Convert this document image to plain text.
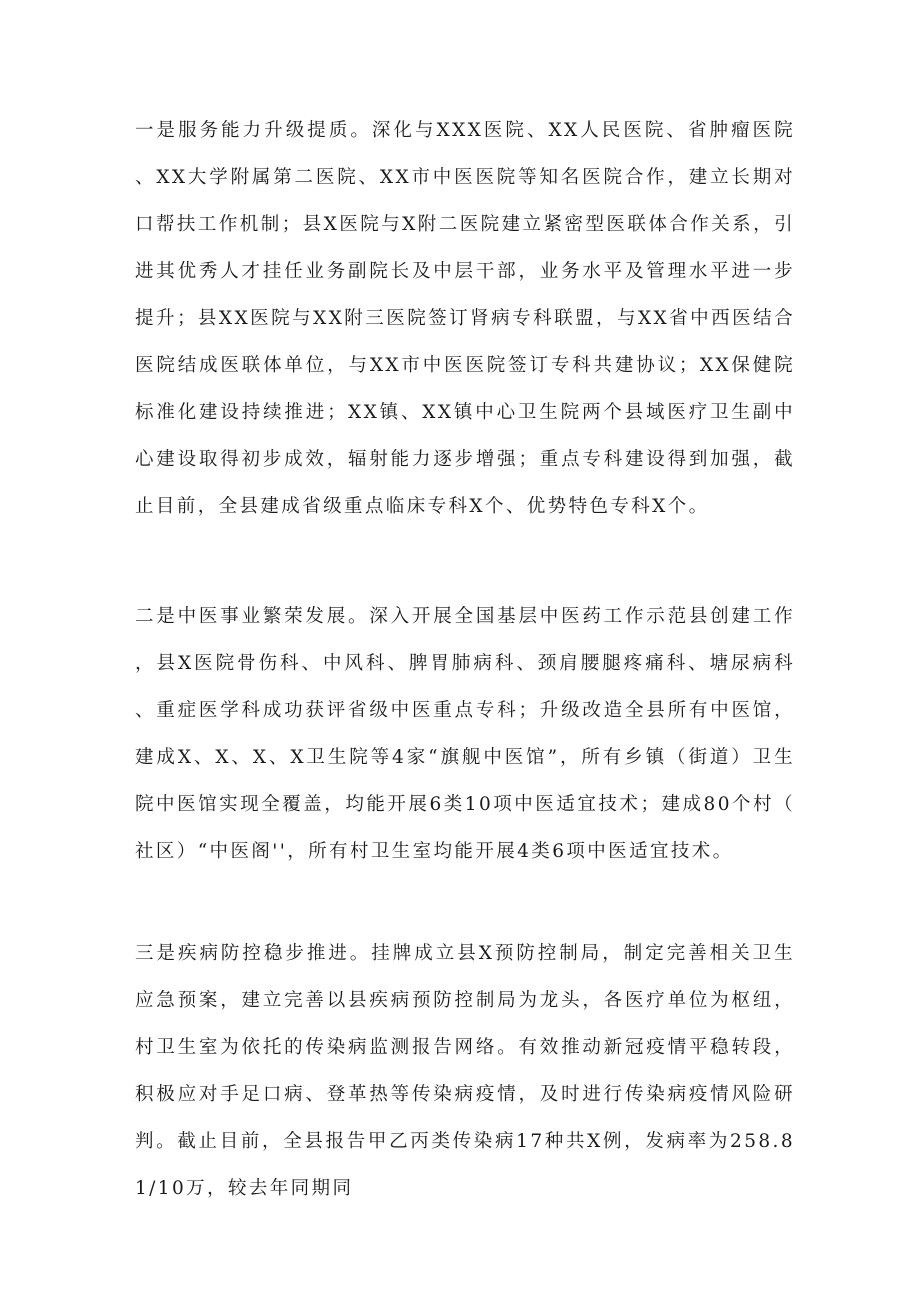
一是服务能力升级提质。深化与XXX医院、XX人民医院、省肿瘤医院、XX大学附属第二医院、XX市中医医院等知名医院合作，建立长期对口帮扶工作机制；县X医院与X附二医院建立紧密型医联体合作关系，引进其优秀人才挂任业务副院长及中层干部，业务水平及管理水平进一步提升；县XX医院与XX附三医院签订肾病专科联盟，与XX省中西医结合医院结成医联体单位，与XX市中医医院签订专科共建协议；XX保健院标准化建设持续推进；XX镇、XX镇中心卫生院两个县域医疗卫生副中心建设取得初步成效，辐射能力逐步增强；重点专科建设得到加强，截止目前，全县建成省级重点临床专科X个、优势特色专科X个。

二是中医事业繁荣发展。深入开展全国基层中医药工作示范县创建工作，县X医院骨伤科、中风科、脾胃肺病科、颈肩腰腿疼痛科、塘尿病科、重症医学科成功获评省级中医重点专科；升级改造全县所有中医馆，建成X、X、X、X卫生院等4家“旗舰中医馆”，所有乡镇（街道）卫生院中医馆实现全覆盖，均能开展6类10项中医适宜技术；建成80个村（社区）“中医阁''，所有村卫生室均能开展4类6项中医适宜技术。

三是疾病防控稳步推进。挂牌成立县X预防控制局，制定完善相关卫生应急预案，建立完善以县疾病预防控制局为龙头，各医疗单位为枢纽，村卫生室为依托的传染病监测报告网络。有效推动新冠疫情平稳转段，积极应对手足口病、登革热等传染病疫情，及时进行传染病疫情风险研判。截止目前，全县报告甲乙丙类传染病17种共X例，发病率为258.81/10万，较去年同期同
